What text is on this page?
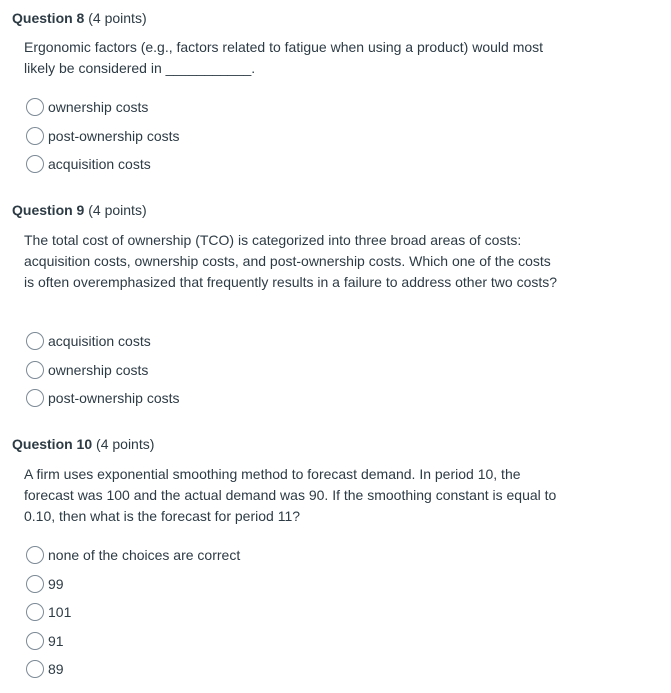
Question 8 (4 points)
Ergonomic factors (e.g., factors related to fatigue when using a product) would most likely be considered in ___________.
ownership costs
post-ownership costs
acquisition costs
Question 9 (4 points)
The total cost of ownership (TCO) is categorized into three broad areas of costs: acquisition costs, ownership costs, and post-ownership costs. Which one of the costs is often overemphasized that frequently results in a failure to address other two costs?
acquisition costs
ownership costs
post-ownership costs
Question 10 (4 points)
A firm uses exponential smoothing method to forecast demand. In period 10, the forecast was 100 and the actual demand was 90. If the smoothing constant is equal to 0.10, then what is the forecast for period 11?
none of the choices are correct
99
101
91
89
